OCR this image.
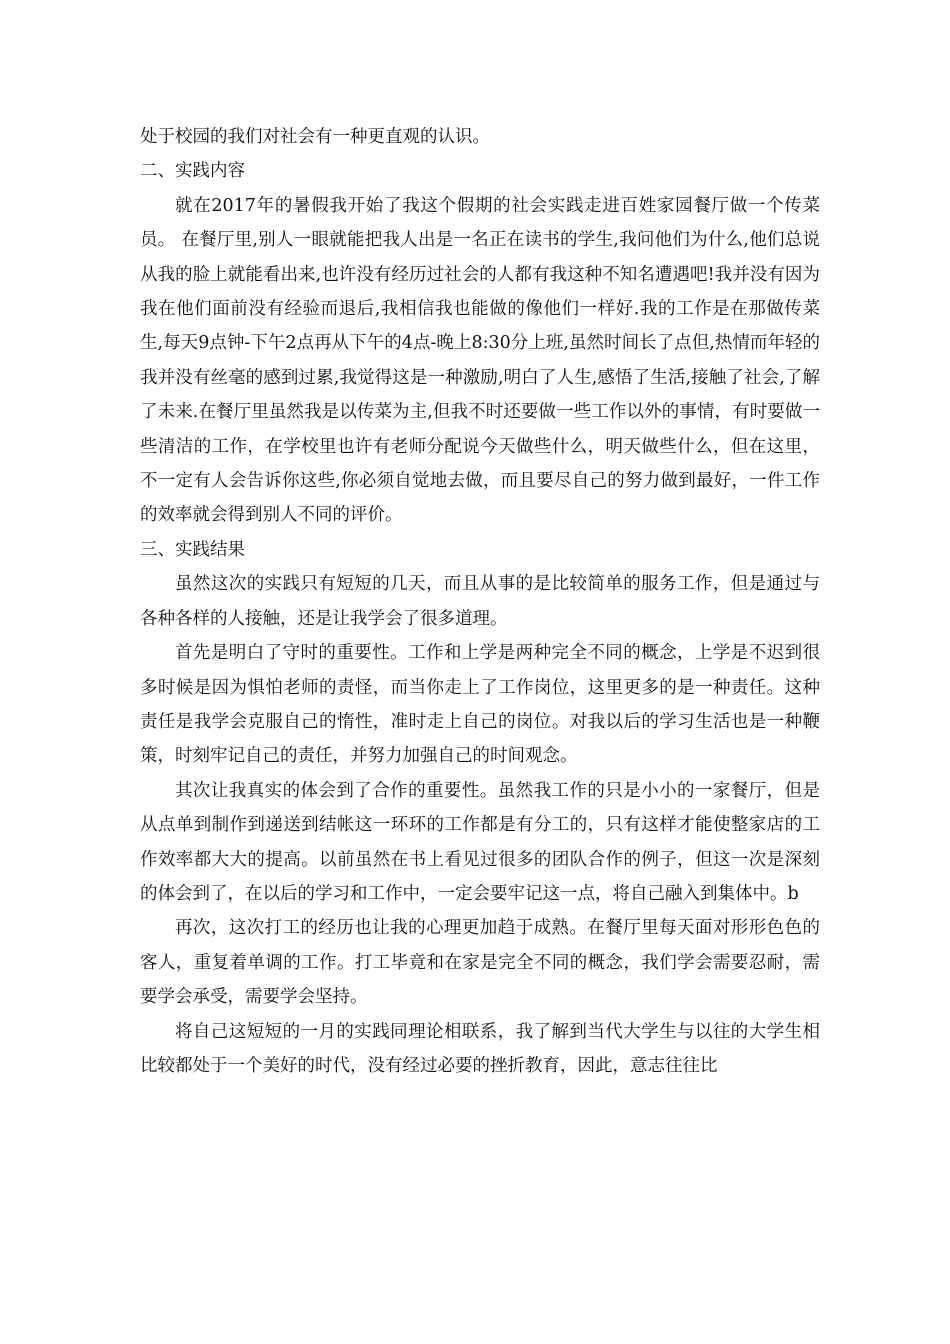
处于校园的我们对社会有一种更直观的认识。

二、实践内容

就在2017年的暑假我开始了我这个假期的社会实践走进百姓家园餐厅做一个传菜员。 在餐厅里,别人一眼就能把我人出是一名正在读书的学生,我问他们为什么,他们总说从我的脸上就能看出来,也许没有经历过社会的人都有我这种不知名遭遇吧!我并没有因为我在他们面前没有经验而退后,我相信我也能做的像他们一样好.我的工作是在那做传菜生,每天9点钟-下午2点再从下午的4点-晚上8:30分上班,虽然时间长了点但,热情而年轻的我并没有丝毫的感到过累,我觉得这是一种激励,明白了人生,感悟了生活,接触了社会,了解了未来.在餐厅里虽然我是以传菜为主,但我不时还要做一些工作以外的事情，有时要做一些清洁的工作，在学校里也许有老师分配说今天做些什么，明天做些什么，但在这里，不一定有人会告诉你这些,你必须自觉地去做，而且要尽自己的努力做到最好，一件工作的效率就会得到别人不同的评价。

三、实践结果

虽然这次的实践只有短短的几天，而且从事的是比较简单的服务工作，但是通过与各种各样的人接触，还是让我学会了很多道理。

首先是明白了守时的重要性。工作和上学是两种完全不同的概念，上学是不迟到很多时候是因为惧怕老师的责怪，而当你走上了工作岗位，这里更多的是一种责任。这种责任是我学会克服自己的惰性，准时走上自己的岗位。对我以后的学习生活也是一种鞭策，时刻牢记自己的责任，并努力加强自己的时间观念。

其次让我真实的体会到了合作的重要性。虽然我工作的只是小小的一家餐厅，但是从点单到制作到递送到结帐这一环环的工作都是有分工的，只有这样才能使整家店的工作效率都大大的提高。以前虽然在书上看见过很多的团队合作的例子，但这一次是深刻的体会到了，在以后的学习和工作中，一定会要牢记这一点，将自己融入到集体中。b

再次，这次打工的经历也让我的心理更加趋于成熟。在餐厅里每天面对形形色色的客人，重复着单调的工作。打工毕竟和在家是完全不同的概念，我们学会需要忍耐，需要学会承受，需要学会坚持。

将自己这短短的一月的实践同理论相联系，我了解到当代大学生与以往的大学生相比较都处于一个美好的时代，没有经过必要的挫折教育，因此，意志往往比
